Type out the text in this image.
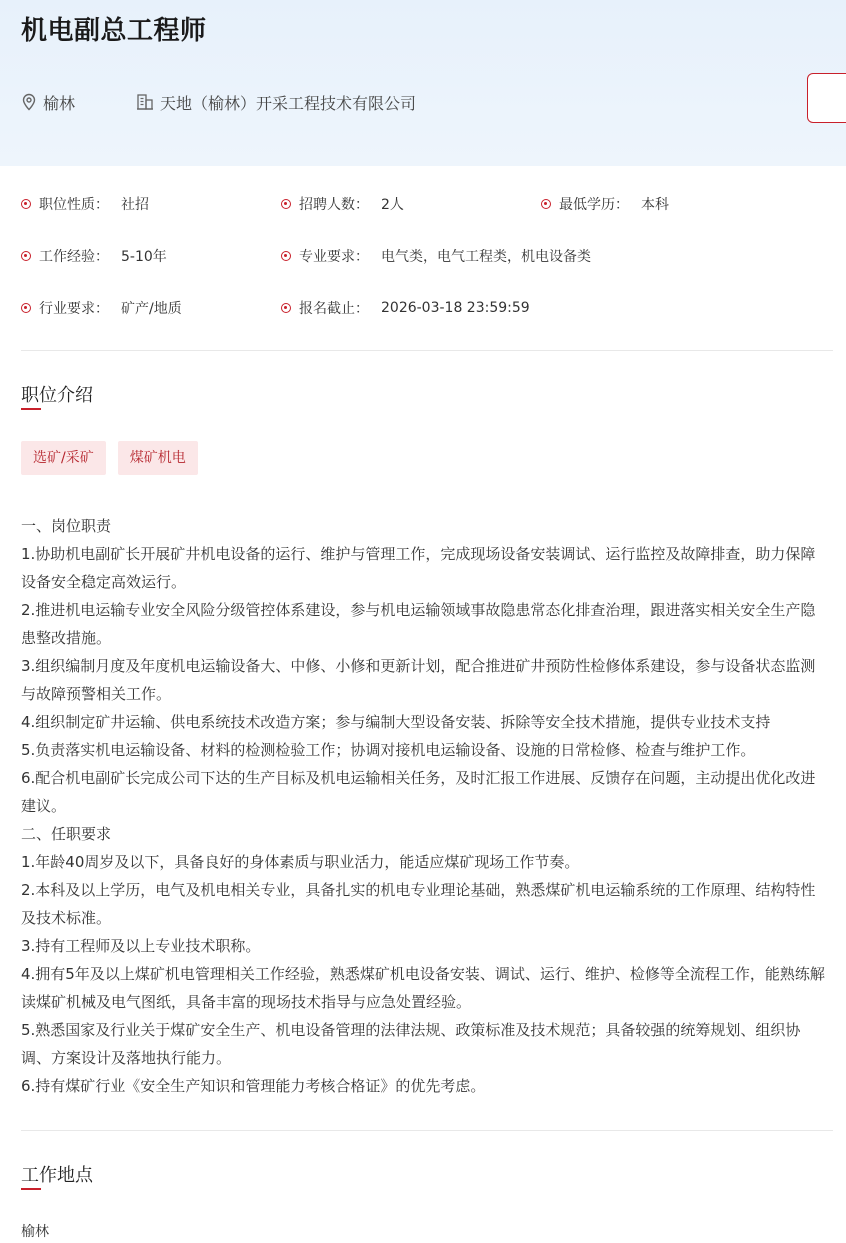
机电副总工程师
榆林	天地（榆林）开采工程技术有限公司
职位性质： 社招	招聘人数： 2人	最低学历： 本科
工作经验： 5-10年	专业要求： 电气类，电气工程类，机电设备类
行业要求： 矿产/地质	报名截止： 2026-03-18 23:59:59
职位介绍
选矿/采矿	煤矿机电
一、岗位职责
1.协助机电副矿长开展矿井机电设备的运行、维护与管理工作，完成现场设备安装调试、运行监控及故障排查，助力保障设备安全稳定高效运行。
2.推进机电运输专业安全风险分级管控体系建设，参与机电运输领域事故隐患常态化排查治理，跟进落实相关安全生产隐患整改措施。
3.组织编制月度及年度机电运输设备大、中修、小修和更新计划，配合推进矿井预防性检修体系建设，参与设备状态监测与故障预警相关工作。
4.组织制定矿井运输、供电系统技术改造方案；参与编制大型设备安装、拆除等安全技术措施，提供专业技术支持
5.负责落实机电运输设备、材料的检测检验工作；协调对接机电运输设备、设施的日常检修、检查与维护工作。
6.配合机电副矿长完成公司下达的生产目标及机电运输相关任务，及时汇报工作进展、反馈存在问题，主动提出优化改进建议。
二、任职要求
1.年龄40周岁及以下，具备良好的身体素质与职业活力，能适应煤矿现场工作节奏。
2.本科及以上学历，电气及机电相关专业，具备扎实的机电专业理论基础，熟悉煤矿机电运输系统的工作原理、结构特性及技术标准。
3.持有工程师及以上专业技术职称。
4.拥有5年及以上煤矿机电管理相关工作经验，熟悉煤矿机电设备安装、调试、运行、维护、检修等全流程工作，能熟练解读煤矿机械及电气图纸，具备丰富的现场技术指导与应急处置经验。
5.熟悉国家及行业关于煤矿安全生产、机电设备管理的法律法规、政策标准及技术规范；具备较强的统筹规划、组织协调、方案设计及落地执行能力。
6.持有煤矿行业《安全生产知识和管理能力考核合格证》的优先考虑。
工作地点
榆林
